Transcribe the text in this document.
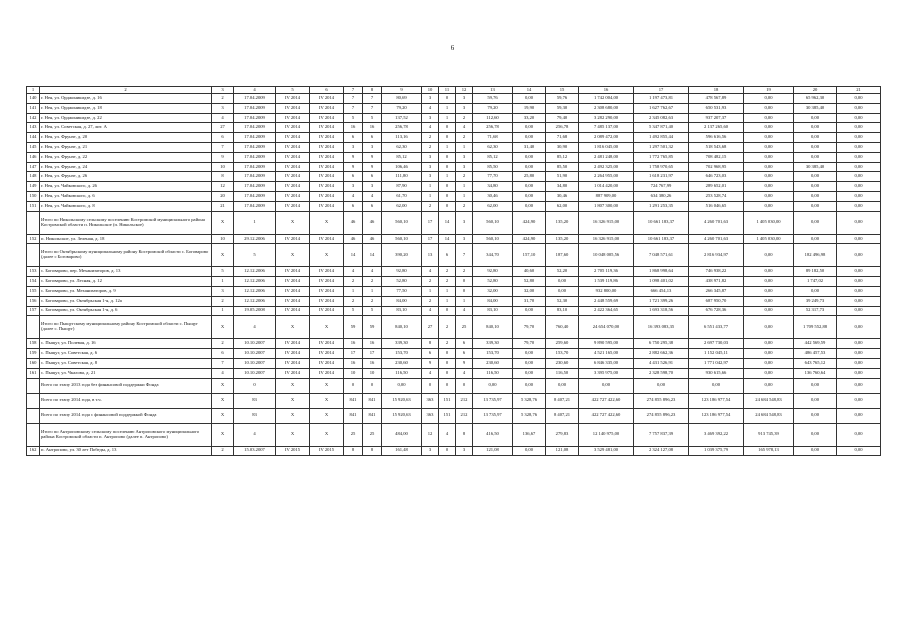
6
1	2	3	4	5	6	7	8	9	10	11	12	13	14	15	16	17	18	19	20	21
140	г. Нея, ул. Орджоникидзе, д. 16	2	17.04.2009	IV 2014	IV 2014	7	7	80,69	3	0	3	59,76	0,00	59,76	1 742 004,00	1 197 473,81	478 567,89	0,00	65 962,30	0,00
141	г. Нея, ул. Орджоникидзе, д. 18	3	17.04.2009	IV 2014	IV 2014	7	7	79,20	4	1	3	79,20	19,90	59,30	2 308 680,00	1 627 762,67	650 531,93	0,00	30 385,40	0,00
142	г. Нея, ул. Орджоникидзе, д. 22	4	17.04.2009	IV 2014	IV 2014	5	5	137,52	3	1	2	112,60	33,20	79,40	3 282 290,00	2 345 082,63	937 207,37	0,00	0,00	0,00
143	г. Нея, ул. Советская, д. 27, лит. А	27	17.04.2009	IV 2014	IV 2014	16	16	256,78	4	0	4	256,78	0,00	256,78	7 485 137,00	5 347 871,40	2 137 265,60	0,00	0,00	0,00
144	г. Нея, ул. Фрунзе, д. 20	6	17.04.2009	IV 2014	IV 2014	6	6	113,16	2	0	2	71,68	0,00	71,68	2 089 472,00	1 492 855,44	596 616,56	0,00	0,00	0,00
145	г. Нея, ул. Фрунзе, д. 21	7	17.04.2009	IV 2014	IV 2014	3	3	62,30	2	1	1	62,30	31,40	30,90	1 816 045,00	1 297 501,32	518 543,68	0,00	0,00	0,00
146	г. Нея, ул. Фрунзе, д. 22	9	17.04.2009	IV 2014	IV 2014	9	9	85,12	3	0	3	85,12	0,00	85,12	2 481 248,00	1 772 765,85	708 482,15	0,00	0,00	0,00
147	г. Нея, ул. Фрунзе, д. 24	10	17.04.2009	IV 2014	IV 2014	9	9	106,46	3	0	3	85,50	0,00	85,50	2 492 325,00	1 758 970,65	702 968,95	0,00	30 385,40	0,00
148	г. Нея, ул. Фрунзе, д. 26	8	17.04.2009	IV 2014	IV 2014	6	6	111,80	3	1	2	77,70	25,80	51,90	2 264 955,00	1 618 231,97	646 723,03	0,00	0,00	0,00
149	г. Нея, ул. Чайковского, д. 26	12	17.04.2009	IV 2014	IV 2014	3	3	87,90	1	0	1	34,80	0,00	34,80	1 014 420,00	724 767,99	289 652,01	0,00	0,00	0,00
150	г. Нея, ул. Чайковского, д. 6	20	17.04.2009	IV 2014	IV 2014	4	4	61,70	1	0	1	30,46	0,00	30,46	887 909,00	634 380,26	253 528,74	0,00	0,00	0,00
151	г. Нея, ул. Чайковского, д. 8	21	17.04.2009	IV 2014	IV 2014	6	6	62,00	2	0	2	62,00	0,00	62,00	1 807 300,00	1 291 253,35	516 046,65	0,00	0,00	0,00
	Итого по Никольскому сельскому поселению Костромской муниципального района Костромской области п. Никольское (п. Никольское)	X	1	X	X	46	46	560,10	17	14	3	560,10	424,90	135,20	16 326 915,00	10 661 183,37	4 260 701,63	1 405 030,00	0,00	0,00
152	п. Никольское, ул. Зеленая, д. 18	10	29.12.2006	IV 2014	IV 2014	46	46	560,10	17	14	3	560,10	424,90	135,20	16 326 915,00	10 661 183,37	4 260 701,63	1 405 030,00	0,00	0,00
	Итого по Октябрьскому муниципальному району Костромской области с. Боговарово (далее с Боговарово)	X	5	X	X	14	14	390,20	13	6	7	344,70	157,10	187,60	10 048 005,56	7 048 571,61	2 816 934,97	0,00	182 496,98	0,00
153	с. Боговарово, пер. Механизаторов, д. 13	5	12.12.2006	IV 2014	IV 2014	4	4	92,80	4	2	2	92,80	40,60	52,20	2 705 119,36	1 868 998,64	746 938,22	0,00	89 182,50	0,00
154	с. Боговарово, ул. Лесная, д. 12	1	12.12.2006	IV 2014	IV 2014	2	2	52,80	2	2	0	52,80	52,80	0,00	1 539 119,86	1 098 401,02	438 971,82	0,00	1 747,02	0,00
155	с. Боговарово, ул. Механизаторов, д. 9	3	12.12.2006	IV 2014	IV 2014	1	1	77,50	1	1	0	32,00	32,00	0,00	932 800,00	666 454,13	266 345,87	0,00	0,00	0,00
156	с. Боговарово, ул. Октябрьская 1-я, д. 12а	2	12.12.2006	IV 2014	IV 2014	2	2	84,00	2	1	1	84,00	31,70	52,30	2 448 559,69	1 721 399,26	687 950,70	0,00	39 249,73	0,00
157	с. Боговарово, ул. Октябрьская 1-я, д. 6	1	19.05.2008	IV 2014	IV 2014	5	5	83,10	4	0	4	83,10	0,00	83,10	2 422 364,65	1 693 318,56	676 728,36	0,00	52 317,73	0,00
	Итого по Пыщугскому муниципальному району Костромской области с. Пыщуг (далее с. Пыщуг)	X	4	X	X	59	59	840,10	27	2	25	840,10	79,70	760,40	24 654 070,00	16 393 083,35	6 551 433,77	0,00	1 709 552,88	0,00
158	с. Пыщуг, ул. Полевая, д. 16	2	10.10.2007	IV 2014	IV 2014	16	16	339,30	8	2	6	339,30	79,70	259,60	9 890 595,00	6 750 295,38	2 697 730,03	0,00	442 569,59	0,00
159	с. Пыщуг, ул. Советская, д. 6	6	10.10.2007	IV 2014	IV 2014	17	17	153,70	6	0	6	153,70	0,00	153,70	4 521 165,00	2 882 662,36	1 152 045,11	0,00	486 457,53	0,00
160	с. Пыщуг, ул. Советская, д. 8	7	10.10.2007	IV 2014	IV 2014	16	16	230,60	9	0	9	230,60	0,00	230,60	6 846 335,00	4 431 526,91	1 771 042,97	0,00	643 765,12	0,00
161	с. Пыщуг, ул. Чкалова, д. 21	4	10.10.2007	IV 2014	IV 2014	10	10	116,50	4	0	4	116,50	0,00	116,50	3 395 975,00	2 328 598,70	930 615,66	0,00	136 760,64	0,00
	Всего по этапу 2013 года без финансовой поддержки Фонда	X	0	X	X	0	0	0,00	0	0	0	0,00	0,00	0,00	0,00	0,00	0,00	0,00	0,00	0,00
	Всего по этапу 2014 года, в т.ч.	X	83	X	X	841	841	15 920,63	363	151	212	13 735,97	5 328,76	8 407,21	422 727 422,60	274 855 896,23	123 186 977,54	24 684 548,83	0,00	0,00
	Всего по этапу 2014 года с финансовой поддержкой Фонда	X	83	X	X	841	841	15 920,63	363	151	212	13 735,97	5 328,76	8 407,21	422 727 422,60	274 855 896,23	123 186 977,54	24 684 548,83	0,00	0,00
	Итого по Антроповскому сельскому поселению Антроповского муниципального района Костромской области п. Антропово (далее п. Антропово)	X	4	X	X	25	25	484,00	12	4	8	416,50	136,67	279,83	12 140 975,00	7 757 837,39	3 469 392,22	913 745,39	0,00	0,00
162	п. Антропово, ул. 30 лет Победы, д. 13	2	15.03.2007	IV 2015	IV 2015	8	8	161,48	3	0	3	121,08	0,00	121,08	3 529 481,00	2 324 127,08	1 039 375,79	165 978,13	0,00	0,00
